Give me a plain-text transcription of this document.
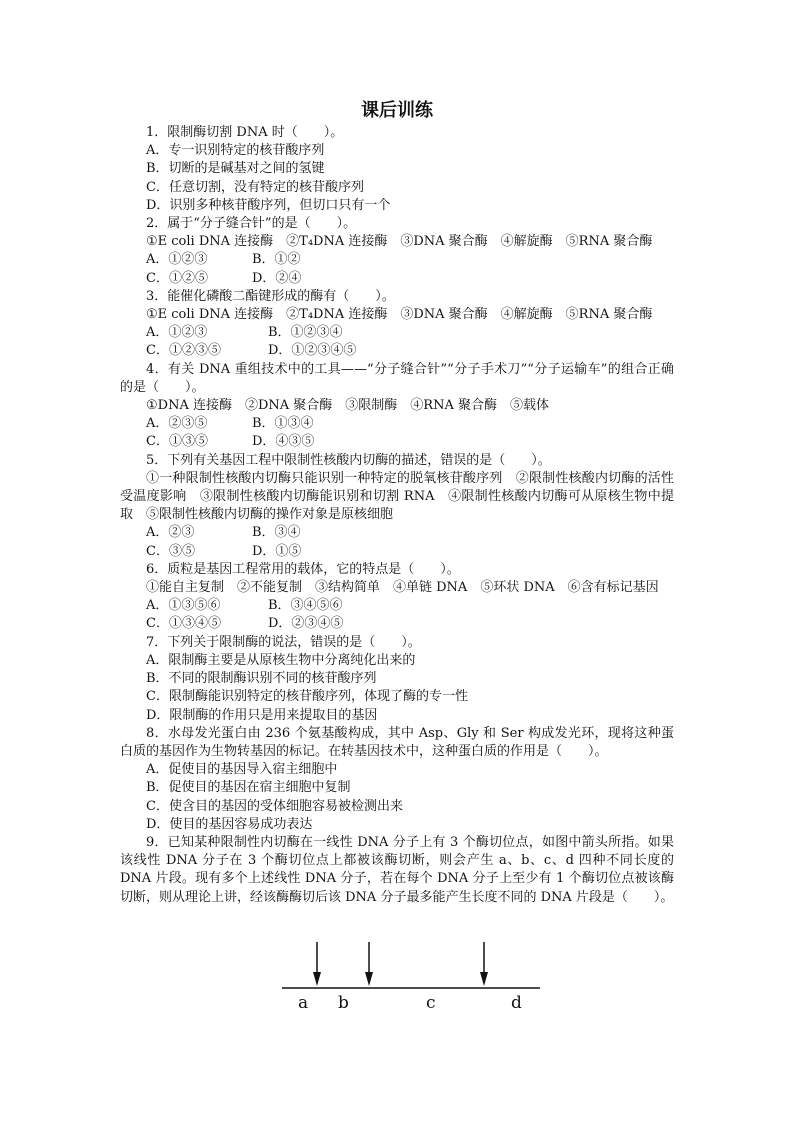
课后训练

1．限制酶切割 DNA 时（　　）。

A．专一识别特定的核苷酸序列

B．切断的是碱基对之间的氢键

C．任意切割，没有特定的核苷酸序列

D．识别多种核苷酸序列，但切口只有一个

2．属于“分子缝合针”的是（　　）。

①E coli DNA 连接酶　②T₄DNA 连接酶　③DNA 聚合酶　④解旋酶　⑤RNA 聚合酶

A．①②③	B．①②
C．①②⑤	D．②④

3．能催化磷酸二酯键形成的酶有（　　）。

①E coli DNA 连接酶　②T₄DNA 连接酶　③DNA 聚合酶　④解旋酶　⑤RNA 聚合酶

A．①②③	B．①②③④
C．①②③⑤	D．①②③④⑤

4．有关 DNA 重组技术中的工具——“分子缝合针”“分子手术刀”“分子运输车”的组合正确的是（　　）。

①DNA 连接酶　②DNA 聚合酶　③限制酶　④RNA 聚合酶　⑤载体

A．②③⑤	B．①③④
C．①③⑤	D．④③⑤

5．下列有关基因工程中限制性核酸内切酶的描述，错误的是（　　）。

①一种限制性核酸内切酶只能识别一种特定的脱氧核苷酸序列　②限制性核酸内切酶的活性受温度影响　③限制性核酸内切酶能识别和切割 RNA　④限制性核酸内切酶可从原核生物中提取　⑤限制性核酸内切酶的操作对象是原核细胞

A．②③	B．③④
C．③⑤	D．①⑤

6．质粒是基因工程常用的载体，它的特点是（　　）。

①能自主复制　②不能复制　③结构简单　④单链 DNA　⑤环状 DNA　⑥含有标记基因

A．①③⑤⑥	B．③④⑤⑥
C．①③④⑤	D．②③④⑤

7．下列关于限制酶的说法，错误的是（　　）。

A．限制酶主要是从原核生物中分离纯化出来的

B．不同的限制酶识别不同的核苷酸序列

C．限制酶能识别特定的核苷酸序列，体现了酶的专一性

D．限制酶的作用只是用来提取目的基因

8．水母发光蛋白由 236 个氨基酸构成，其中 Asp、Gly 和 Ser 构成发光环，现将这种蛋白质的基因作为生物转基因的标记。在转基因技术中，这种蛋白质的作用是（　　）。

A．促使目的基因导入宿主细胞中

B．促使目的基因在宿主细胞中复制

C．使含目的基因的受体细胞容易被检测出来

D．使目的基因容易成功表达

9．已知某种限制性内切酶在一线性 DNA 分子上有 3 个酶切位点，如图中箭头所指。如果该线性 DNA 分子在 3 个酶切位点上都被该酶切断，则会产生 a、b、c、d 四种不同长度的 DNA 片段。现有多个上述线性 DNA 分子，若在每个 DNA 分子上至少有 1 个酶切位点被该酶切断，则从理论上讲，经该酶酶切后该 DNA 分子最多能产生长度不同的 DNA 片段是（　　）。

a b	c	d
